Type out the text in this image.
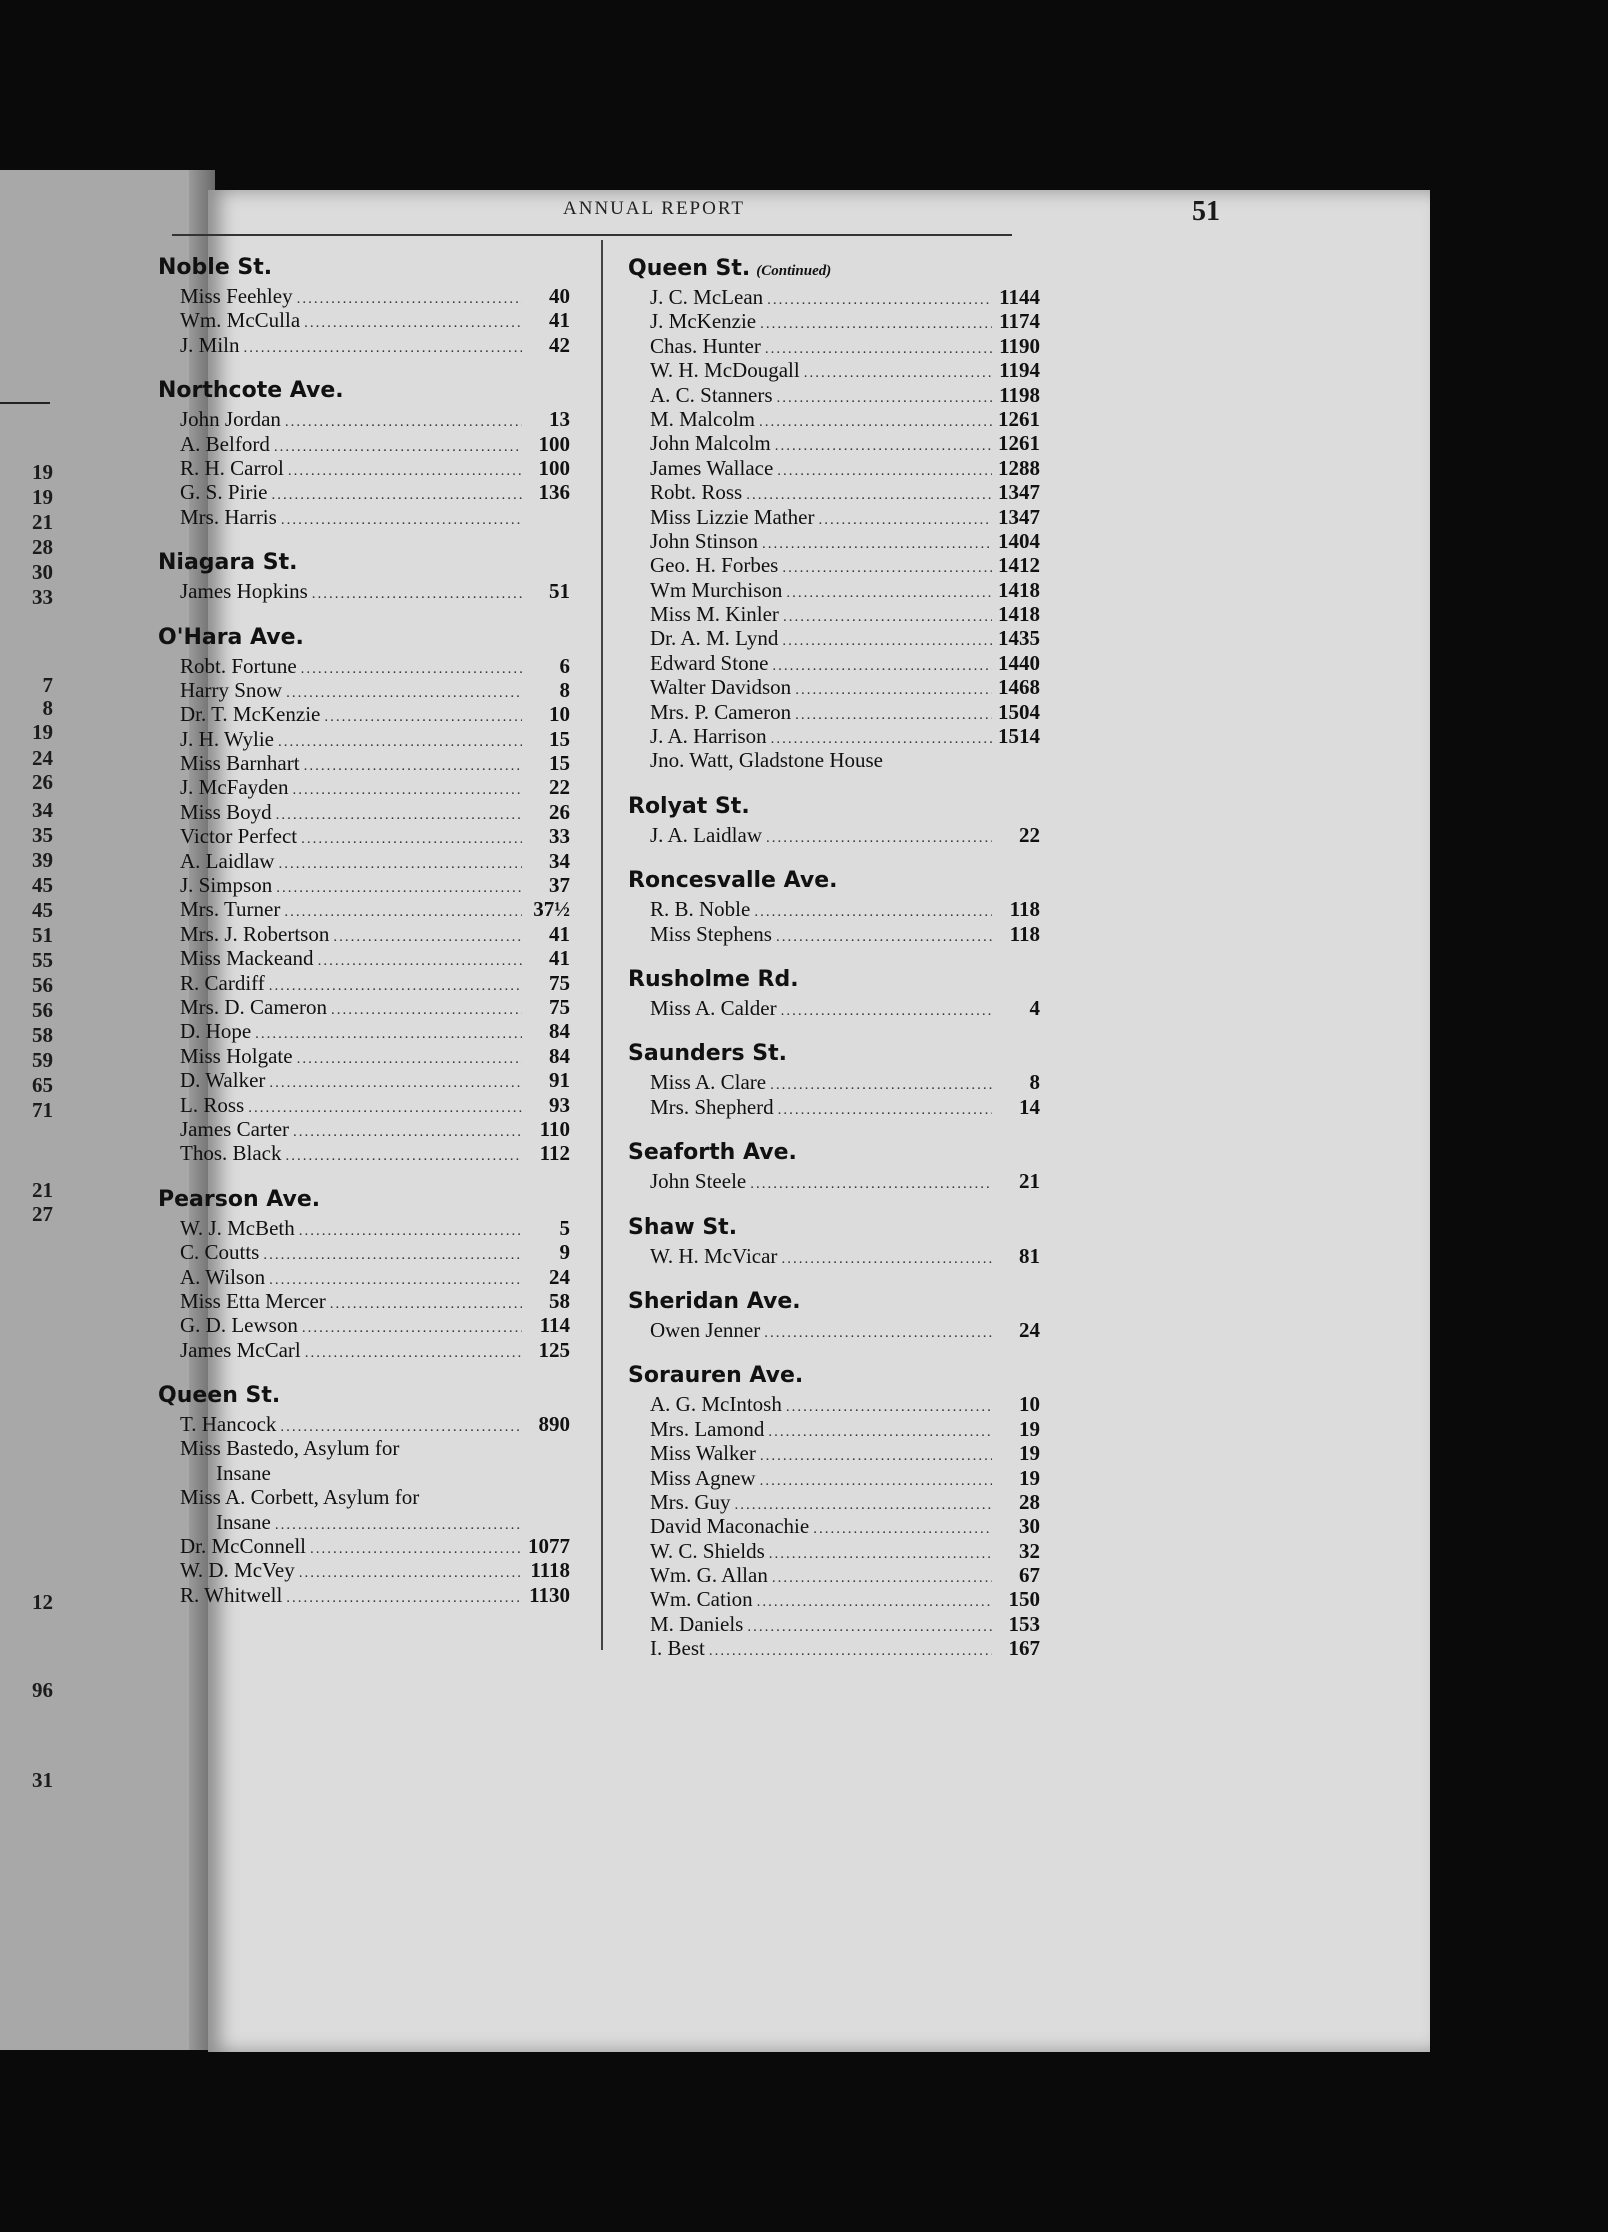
19
19
21
28
30
33
7
8
19
24
26
34
35
39
45
45
51
55
56
56
58
59
65
71
21
27
12
96
31
ANNUAL REPORT	51
Noble St.
Miss Feehley .....	40
Wm. McCulla .....	41
J. Miln .....	42
Northcote Ave.
John Jordan .....	13
A. Belford .....	100
R. H. Carrol .....	100
G. S. Pirie .....	136
Mrs. Harris
.....
Niagara St.
James Hopkins .....	51
O'Hara Ave.
Robt. Fortune .....	6
Harry Snow .....	8
Dr. T. McKenzie .....	10
J. H. Wylie .....	15
Miss Barnhart .....	15
J. McFayden .....	22
Miss Boyd .....	26
Victor Perfect .....	33
A. Laidlaw .....	34
J. Simpson .....	37
Mrs. Turner .....	37½
Mrs. J. Robertson .....	41
Miss Mackeand .....	41
R. Cardiff .....	75
Mrs. D. Cameron .....	75
D. Hope .....	84
Miss Holgate .....	84
D. Walker .....	91
L. Ross .....	93
James Carter .....	110
Thos. Black .....	112
Pearson Ave.
W. J. McBeth .....	5
C. Coutts .....	9
A. Wilson .....	24
Miss Etta Mercer .....	58
G. D. Lewson .....	114
James McCarl .....	125
Queen St.
T. Hancock .....	890
Miss Bastedo, Asylum for
Insane
Miss A. Corbett, Asylum for
Insane
.....
Dr. McConnell .....	1077
W. D. McVey .....	1118
R. Whitwell .....	1130
Queen St. (Continued)
J. C. McLean .....	1144
J. McKenzie .....	1174
Chas. Hunter .....	1190
W. H. McDougall .....	1194
A. C. Stanners .....	1198
M. Malcolm .....	1261
John Malcolm .....	1261
James Wallace .....	1288
Robt. Ross .....	1347
Miss Lizzie Mather .....	1347
John Stinson .....	1404
Geo. H. Forbes .....	1412
Wm Murchison .....	1418
Miss M. Kinler .....	1418
Dr. A. M. Lynd .....	1435
Edward Stone .....	1440
Walter Davidson .....	1468
Mrs. P. Cameron .....	1504
J. A. Harrison .....	1514
Jno. Watt, Gladstone House
Rolyat St.
J. A. Laidlaw .....	22
Roncesvalle Ave.
R. B. Noble .....	118
Miss Stephens .....	118
Rusholme Rd.
Miss A. Calder .....	4
Saunders St.
Miss A. Clare .....	8
Mrs. Shepherd .....	14
Seaforth Ave.
John Steele .....	21
Shaw St.
W. H. McVicar .....	81
Sheridan Ave.
Owen Jenner .....	24
Sorauren Ave.
A. G. McIntosh .....	10
Mrs. Lamond .....	19
Miss Walker .....	19
Miss Agnew .....	19
Mrs. Guy .....	28
David Maconachie .....	30
W. C. Shields .....	32
Wm. G. Allan .....	67
Wm. Cation .....	150
M. Daniels .....	153
I. Best .....	167
